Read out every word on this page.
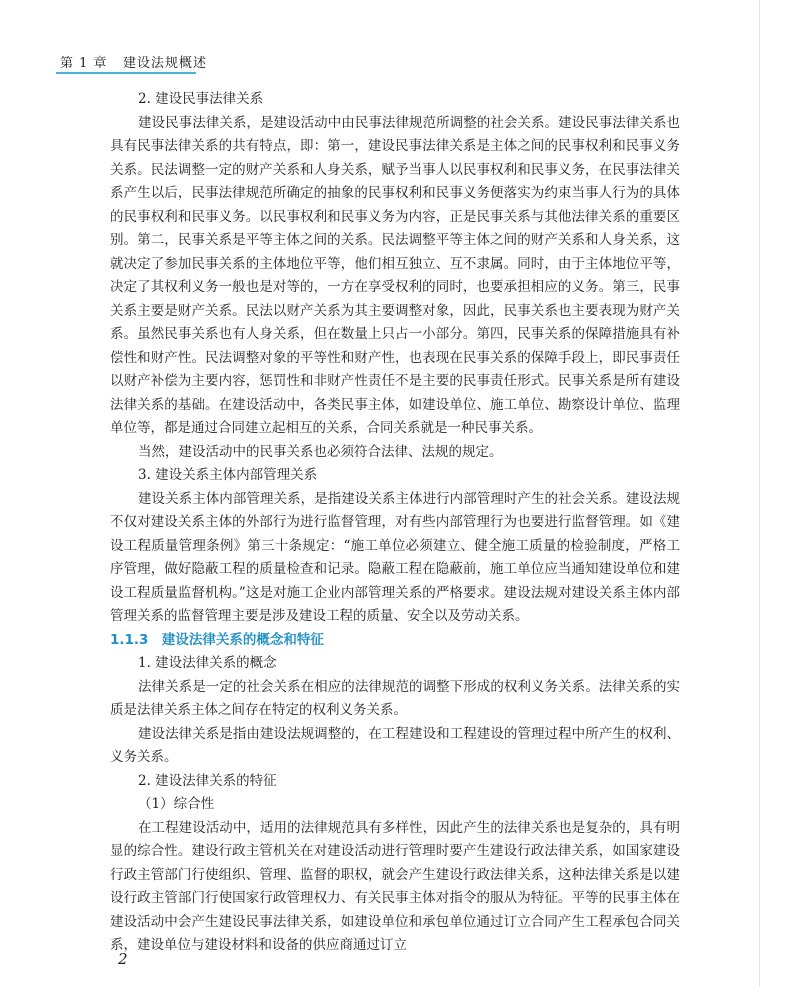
第 1 章 建设法规概述

2. 建设民事法律关系

建设民事法律关系，是建设活动中由民事法律规范所调整的社会关系。建设民事法律关系也具有民事法律关系的共有特点，即：第一，建设民事法律关系是主体之间的民事权利和民事义务关系。民法调整一定的财产关系和人身关系，赋予当事人以民事权利和民事义务，在民事法律关系产生以后，民事法律规范所确定的抽象的民事权利和民事义务便落实为约束当事人行为的具体的民事权利和民事义务。以民事权利和民事义务为内容，正是民事关系与其他法律关系的重要区别。第二，民事关系是平等主体之间的关系。民法调整平等主体之间的财产关系和人身关系，这就决定了参加民事关系的主体地位平等，他们相互独立、互不隶属。同时，由于主体地位平等，决定了其权利义务一般也是对等的，一方在享受权利的同时，也要承担相应的义务。第三，民事关系主要是财产关系。民法以财产关系为其主要调整对象，因此，民事关系也主要表现为财产关系。虽然民事关系也有人身关系，但在数量上只占一小部分。第四，民事关系的保障措施具有补偿性和财产性。民法调整对象的平等性和财产性，也表现在民事关系的保障手段上，即民事责任以财产补偿为主要内容，惩罚性和非财产性责任不是主要的民事责任形式。民事关系是所有建设法律关系的基础。在建设活动中，各类民事主体，如建设单位、施工单位、勘察设计单位、监理单位等，都是通过合同建立起相互的关系，合同关系就是一种民事关系。

当然，建设活动中的民事关系也必须符合法律、法规的规定。

3. 建设关系主体内部管理关系

建设关系主体内部管理关系，是指建设关系主体进行内部管理时产生的社会关系。建设法规不仅对建设关系主体的外部行为进行监督管理，对有些内部管理行为也要进行监督管理。如《建设工程质量管理条例》第三十条规定：“施工单位必须建立、健全施工质量的检验制度，严格工序管理，做好隐蔽工程的质量检查和记录。隐蔽工程在隐蔽前，施工单位应当通知建设单位和建设工程质量监督机构。”这是对施工企业内部管理关系的严格要求。建设法规对建设关系主体内部管理关系的监督管理主要是涉及建设工程的质量、安全以及劳动关系。

1.1.3　建设法律关系的概念和特征

1. 建设法律关系的概念

法律关系是一定的社会关系在相应的法律规范的调整下形成的权利义务关系。法律关系的实质是法律关系主体之间存在特定的权利义务关系。

建设法律关系是指由建设法规调整的，在工程建设和工程建设的管理过程中所产生的权利、义务关系。

2. 建设法律关系的特征

（1）综合性

在工程建设活动中，适用的法律规范具有多样性，因此产生的法律关系也是复杂的，具有明显的综合性。建设行政主管机关在对建设活动进行管理时要产生建设行政法律关系，如国家建设行政主管部门行使组织、管理、监督的职权，就会产生建设行政法律关系，这种法律关系是以建设行政主管部门行使国家行政管理权力、有关民事主体对指令的服从为特征。平等的民事主体在建设活动中会产生建设民事法律关系，如建设单位和承包单位通过订立合同产生工程承包合同关系，建设单位与建设材料和设备的供应商通过订立

2
